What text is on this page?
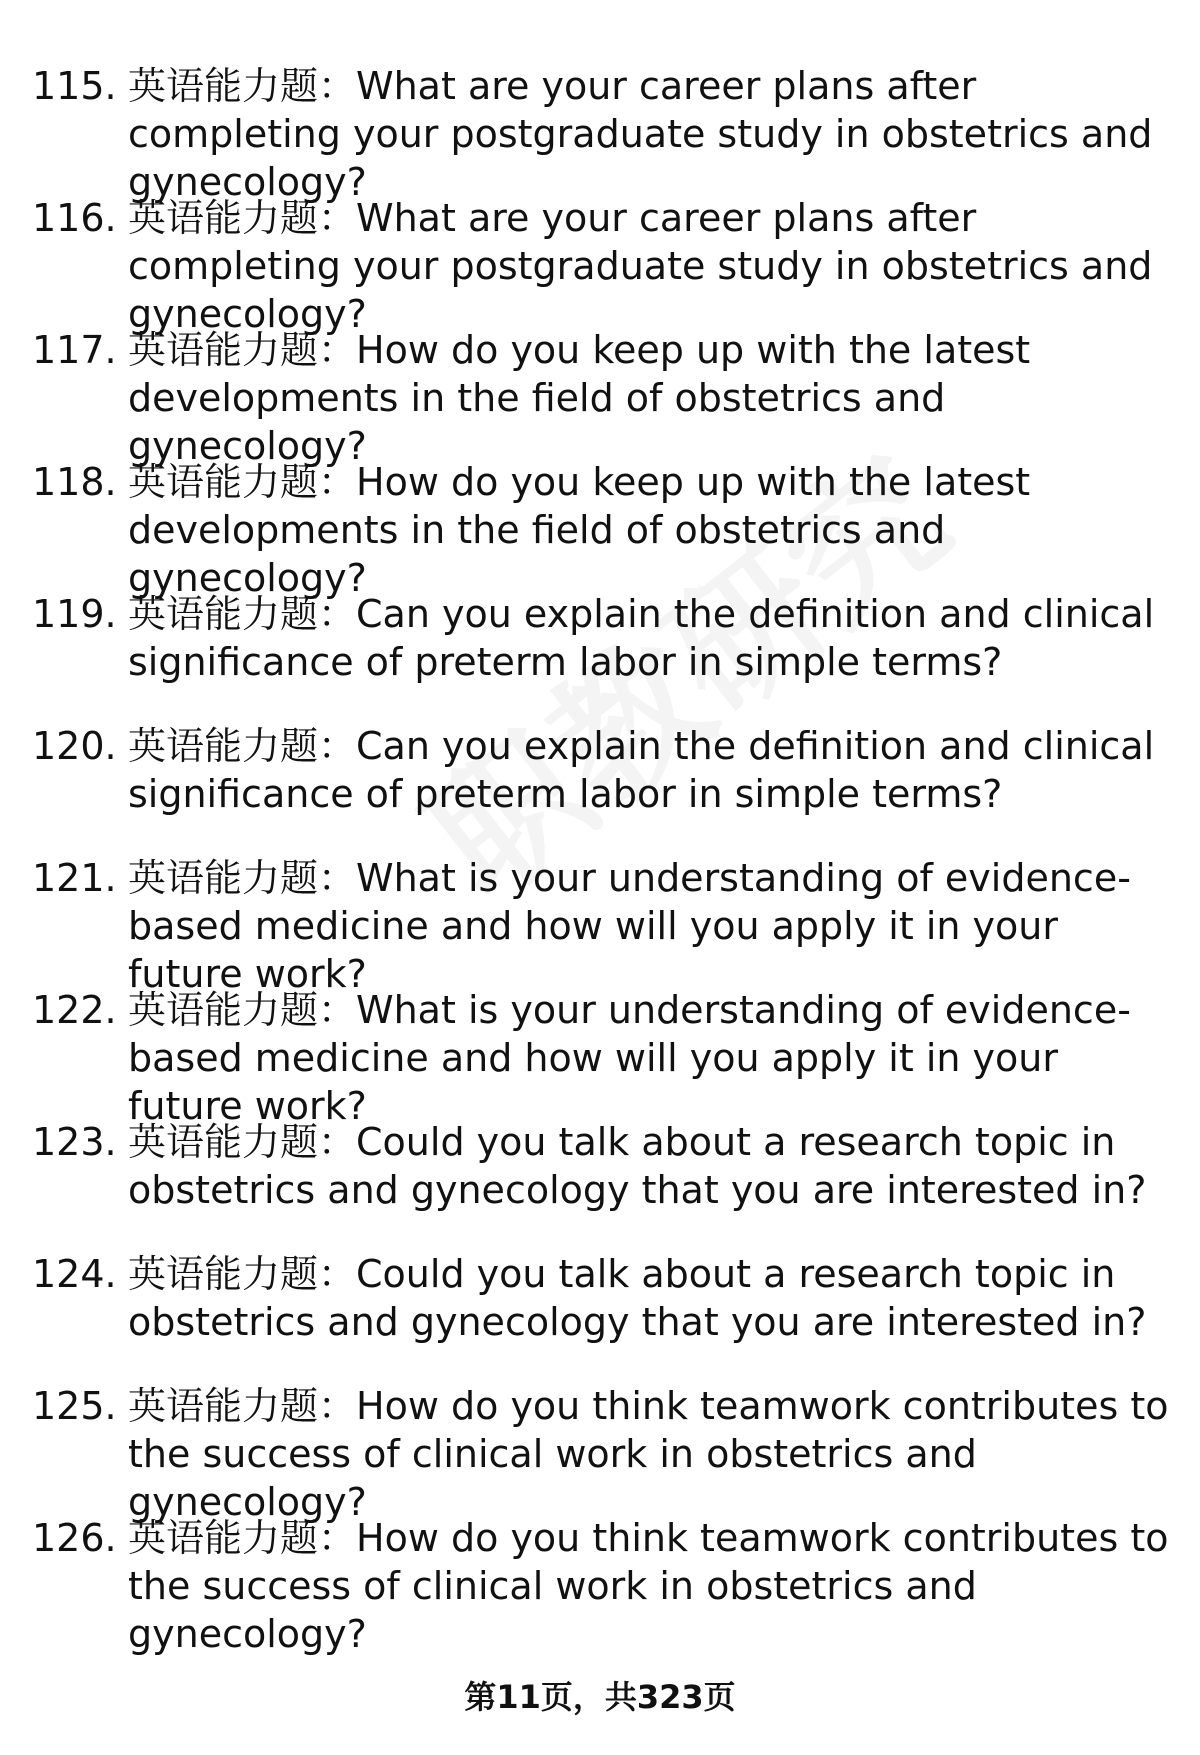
115. 英语能力题：What are your career plans after completing your postgraduate study in obstetrics and gynecology?
116. 英语能力题：What are your career plans after completing your postgraduate study in obstetrics and gynecology?
117. 英语能力题：How do you keep up with the latest developments in the field of obstetrics and gynecology?
118. 英语能力题：How do you keep up with the latest developments in the field of obstetrics and gynecology?
119. 英语能力题：Can you explain the definition and clinical significance of preterm labor in simple terms?
120. 英语能力题：Can you explain the definition and clinical significance of preterm labor in simple terms?
121. 英语能力题：What is your understanding of evidence-based medicine and how will you apply it in your future work?
122. 英语能力题：What is your understanding of evidence-based medicine and how will you apply it in your future work?
123. 英语能力题：Could you talk about a research topic in obstetrics and gynecology that you are interested in?
124. 英语能力题：Could you talk about a research topic in obstetrics and gynecology that you are interested in?
125. 英语能力题：How do you think teamwork contributes to the success of clinical work in obstetrics and gynecology?
126. 英语能力题：How do you think teamwork contributes to the success of clinical work in obstetrics and gynecology?
第11页，共323页
